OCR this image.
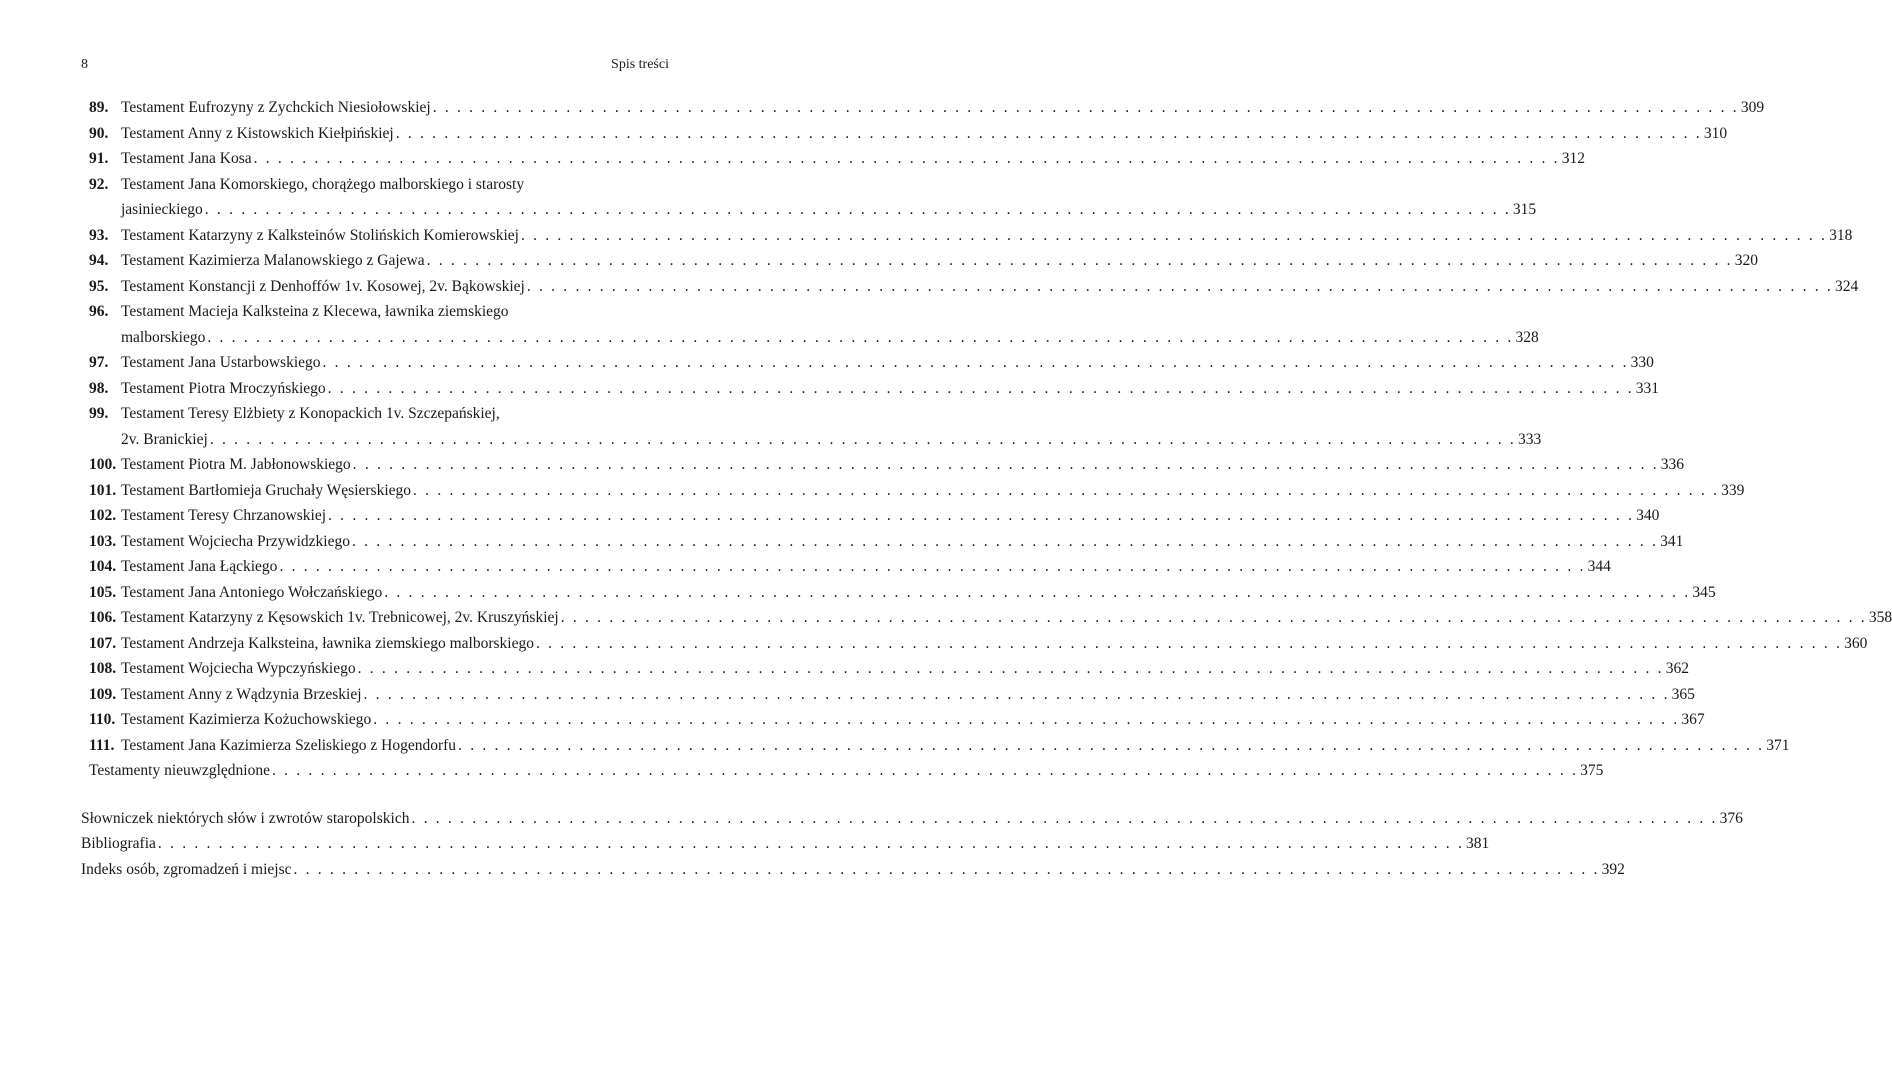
8	Spis treści
89. Testament Eufrozyny z Zychckich Niesiołowskiej . . . . . . . . . . . . . . . . . . . . . . . . . . . . . . . . . . . . . . . . . . . . . . . . . . . . . . . . . . . . . . . . . . . . . . . . . . . . . . . . . . . . . . . . . . . . . . . . . . . . . . . . . . . . 309
90. Testament Anny z Kistowskich Kiełpińskiej . . . . . . . . . . . . . . . . . . . . . . . . . . . . . . . . . . . . . . . . . . . . . . . . . . . . . . . . . . . . . . . . . . . . . . . . . . . . . . . . . . . . . . . . . . . . . . . . . . . . . . . . . . . . 310
91. Testament Jana Kosa . . . . . . . . . . . . . . . . . . . . . . . . . . . . . . . . . . . . . . . . . . . . . . . . . . . . . . . . . . . . . . . . . . . . . . . . . . . . . . . . . . . . . . . . . . . . . . . . . . . . . . . . . . . . 312
92. Testament Jana Komorskiego, chorążego malborskiego i starosty
jasinieckiego . . . . . . . . . . . . . . . . . . . . . . . . . . . . . . . . . . . . . . . . . . . . . . . . . . . . . . . . . . . . . . . . . . . . . . . . . . . . . . . . . . . . . . . . . . . . . . . . . . . . . . . . . . . . 315
93. Testament Katarzyny z Kalksteinów Stolińskich Komierowskiej . . . . . . . . . . . . . . . . . . . . . . . . . . . . . . . . . . . . . . . . . . . . . . . . . . . . . . . . . . . . . . . . . . . . . . . . . . . . . . . . . . . . . . . . . . . . . . . . . . . . . . . . . . . . 318
94. Testament Kazimierza Malanowskiego z Gajewa . . . . . . . . . . . . . . . . . . . . . . . . . . . . . . . . . . . . . . . . . . . . . . . . . . . . . . . . . . . . . . . . . . . . . . . . . . . . . . . . . . . . . . . . . . . . . . . . . . . . . . . . . . . . 320
95. Testament Konstancji z Denhoffów 1v. Kosowej, 2v. Bąkowskiej . . . . . . . . . . . . . . . . . . . . . . . . . . . . . . . . . . . . . . . . . . . . . . . . . . . . . . . . . . . . . . . . . . . . . . . . . . . . . . . . . . . . . . . . . . . . . . . . . . . . . . . . . . . . 324
96. Testament Macieja Kalksteina z Klecewa, ławnika ziemskiego
malborskiego . . . . . . . . . . . . . . . . . . . . . . . . . . . . . . . . . . . . . . . . . . . . . . . . . . . . . . . . . . . . . . . . . . . . . . . . . . . . . . . . . . . . . . . . . . . . . . . . . . . . . . . . . . . . 328
97. Testament Jana Ustarbowskiego . . . . . . . . . . . . . . . . . . . . . . . . . . . . . . . . . . . . . . . . . . . . . . . . . . . . . . . . . . . . . . . . . . . . . . . . . . . . . . . . . . . . . . . . . . . . . . . . . . . . . . . . . . . . 330
98. Testament Piotra Mroczyńskiego . . . . . . . . . . . . . . . . . . . . . . . . . . . . . . . . . . . . . . . . . . . . . . . . . . . . . . . . . . . . . . . . . . . . . . . . . . . . . . . . . . . . . . . . . . . . . . . . . . . . . . . . . . . . 331
99. Testament Teresy Elżbiety z Konopackich 1v. Szczepańskiej,
2v. Branickiej . . . . . . . . . . . . . . . . . . . . . . . . . . . . . . . . . . . . . . . . . . . . . . . . . . . . . . . . . . . . . . . . . . . . . . . . . . . . . . . . . . . . . . . . . . . . . . . . . . . . . . . . . . . . 333
100. Testament Piotra M. Jabłonowskiego . . . . . . . . . . . . . . . . . . . . . . . . . . . . . . . . . . . . . . . . . . . . . . . . . . . . . . . . . . . . . . . . . . . . . . . . . . . . . . . . . . . . . . . . . . . . . . . . . . . . . . . . . . . . 336
101. Testament Bartłomieja Gruchały Węsierskiego . . . . . . . . . . . . . . . . . . . . . . . . . . . . . . . . . . . . . . . . . . . . . . . . . . . . . . . . . . . . . . . . . . . . . . . . . . . . . . . . . . . . . . . . . . . . . . . . . . . . . . . . . . . . 339
102. Testament Teresy Chrzanowskiej . . . . . . . . . . . . . . . . . . . . . . . . . . . . . . . . . . . . . . . . . . . . . . . . . . . . . . . . . . . . . . . . . . . . . . . . . . . . . . . . . . . . . . . . . . . . . . . . . . . . . . . . . . . . 340
103. Testament Wojciecha Przywidzkiego . . . . . . . . . . . . . . . . . . . . . . . . . . . . . . . . . . . . . . . . . . . . . . . . . . . . . . . . . . . . . . . . . . . . . . . . . . . . . . . . . . . . . . . . . . . . . . . . . . . . . . . . . . . . 341
104. Testament Jana Łąckiego . . . . . . . . . . . . . . . . . . . . . . . . . . . . . . . . . . . . . . . . . . . . . . . . . . . . . . . . . . . . . . . . . . . . . . . . . . . . . . . . . . . . . . . . . . . . . . . . . . . . . . . . . . . . 344
105. Testament Jana Antoniego Wołczańskiego . . . . . . . . . . . . . . . . . . . . . . . . . . . . . . . . . . . . . . . . . . . . . . . . . . . . . . . . . . . . . . . . . . . . . . . . . . . . . . . . . . . . . . . . . . . . . . . . . . . . . . . . . . . . 345
106. Testament Katarzyny z Kęsowskich 1v. Trebnicowej, 2v. Kruszyńskiej . . . . . . . . . . . . . . . . . . . . . . . . . . . . . . . . . . . . . . . . . . . . . . . . . . . . . . . . . . . . . . . . . . . . . . . . . . . . . . . . . . . . . . . . . . . . . . . . . . . . . . . . . . . . 358
107. Testament Andrzeja Kalksteina, ławnika ziemskiego malborskiego . . . . . . . . . . . . . . . . . . . . . . . . . . . . . . . . . . . . . . . . . . . . . . . . . . . . . . . . . . . . . . . . . . . . . . . . . . . . . . . . . . . . . . . . . . . . . . . . . . . . . . . . . . . . 360
108. Testament Wojciecha Wypczyńskiego . . . . . . . . . . . . . . . . . . . . . . . . . . . . . . . . . . . . . . . . . . . . . . . . . . . . . . . . . . . . . . . . . . . . . . . . . . . . . . . . . . . . . . . . . . . . . . . . . . . . . . . . . . . . 362
109. Testament Anny z Wądzynia Brzeskiej . . . . . . . . . . . . . . . . . . . . . . . . . . . . . . . . . . . . . . . . . . . . . . . . . . . . . . . . . . . . . . . . . . . . . . . . . . . . . . . . . . . . . . . . . . . . . . . . . . . . . . . . . . . . 365
110. Testament Kazimierza Kożuchowskiego . . . . . . . . . . . . . . . . . . . . . . . . . . . . . . . . . . . . . . . . . . . . . . . . . . . . . . . . . . . . . . . . . . . . . . . . . . . . . . . . . . . . . . . . . . . . . . . . . . . . . . . . . . . . 367
111. Testament Jana Kazimierza Szeliskiego z Hogendorfu . . . . . . . . . . . . . . . . . . . . . . . . . . . . . . . . . . . . . . . . . . . . . . . . . . . . . . . . . . . . . . . . . . . . . . . . . . . . . . . . . . . . . . . . . . . . . . . . . . . . . . . . . . . . 371
Testamenty nieuwzględnione . . . . . . . . . . . . . . . . . . . . . . . . . . . . . . . . . . . . . . . . . . . . . . . . . . . . . . . . . . . . . . . . . . . . . . . . . . . . . . . . . . . . . . . . . . . . . . . . . . . . . . . . . . . . 375
Słowniczek niektórych słów i zwrotów staropolskich . . . . . . . . . . . . . . . . . . . . . . . . . . . . . . . . . . . . . . . . . . . . . . . . . . . . . . . . . . . . . . . . . . . . . . . . . . . . . . . . . . . . . . . . . . . . . . . . . . . . . . . . . . . . 376
Bibliografia . . . . . . . . . . . . . . . . . . . . . . . . . . . . . . . . . . . . . . . . . . . . . . . . . . . . . . . . . . . . . . . . . . . . . . . . . . . . . . . . . . . . . . . . . . . . . . . . . . . . . . . . . . . . 381
Indeks osób, zgromadzeń i miejsc . . . . . . . . . . . . . . . . . . . . . . . . . . . . . . . . . . . . . . . . . . . . . . . . . . . . . . . . . . . . . . . . . . . . . . . . . . . . . . . . . . . . . . . . . . . . . . . . . . . . . . . . . . . . 392
